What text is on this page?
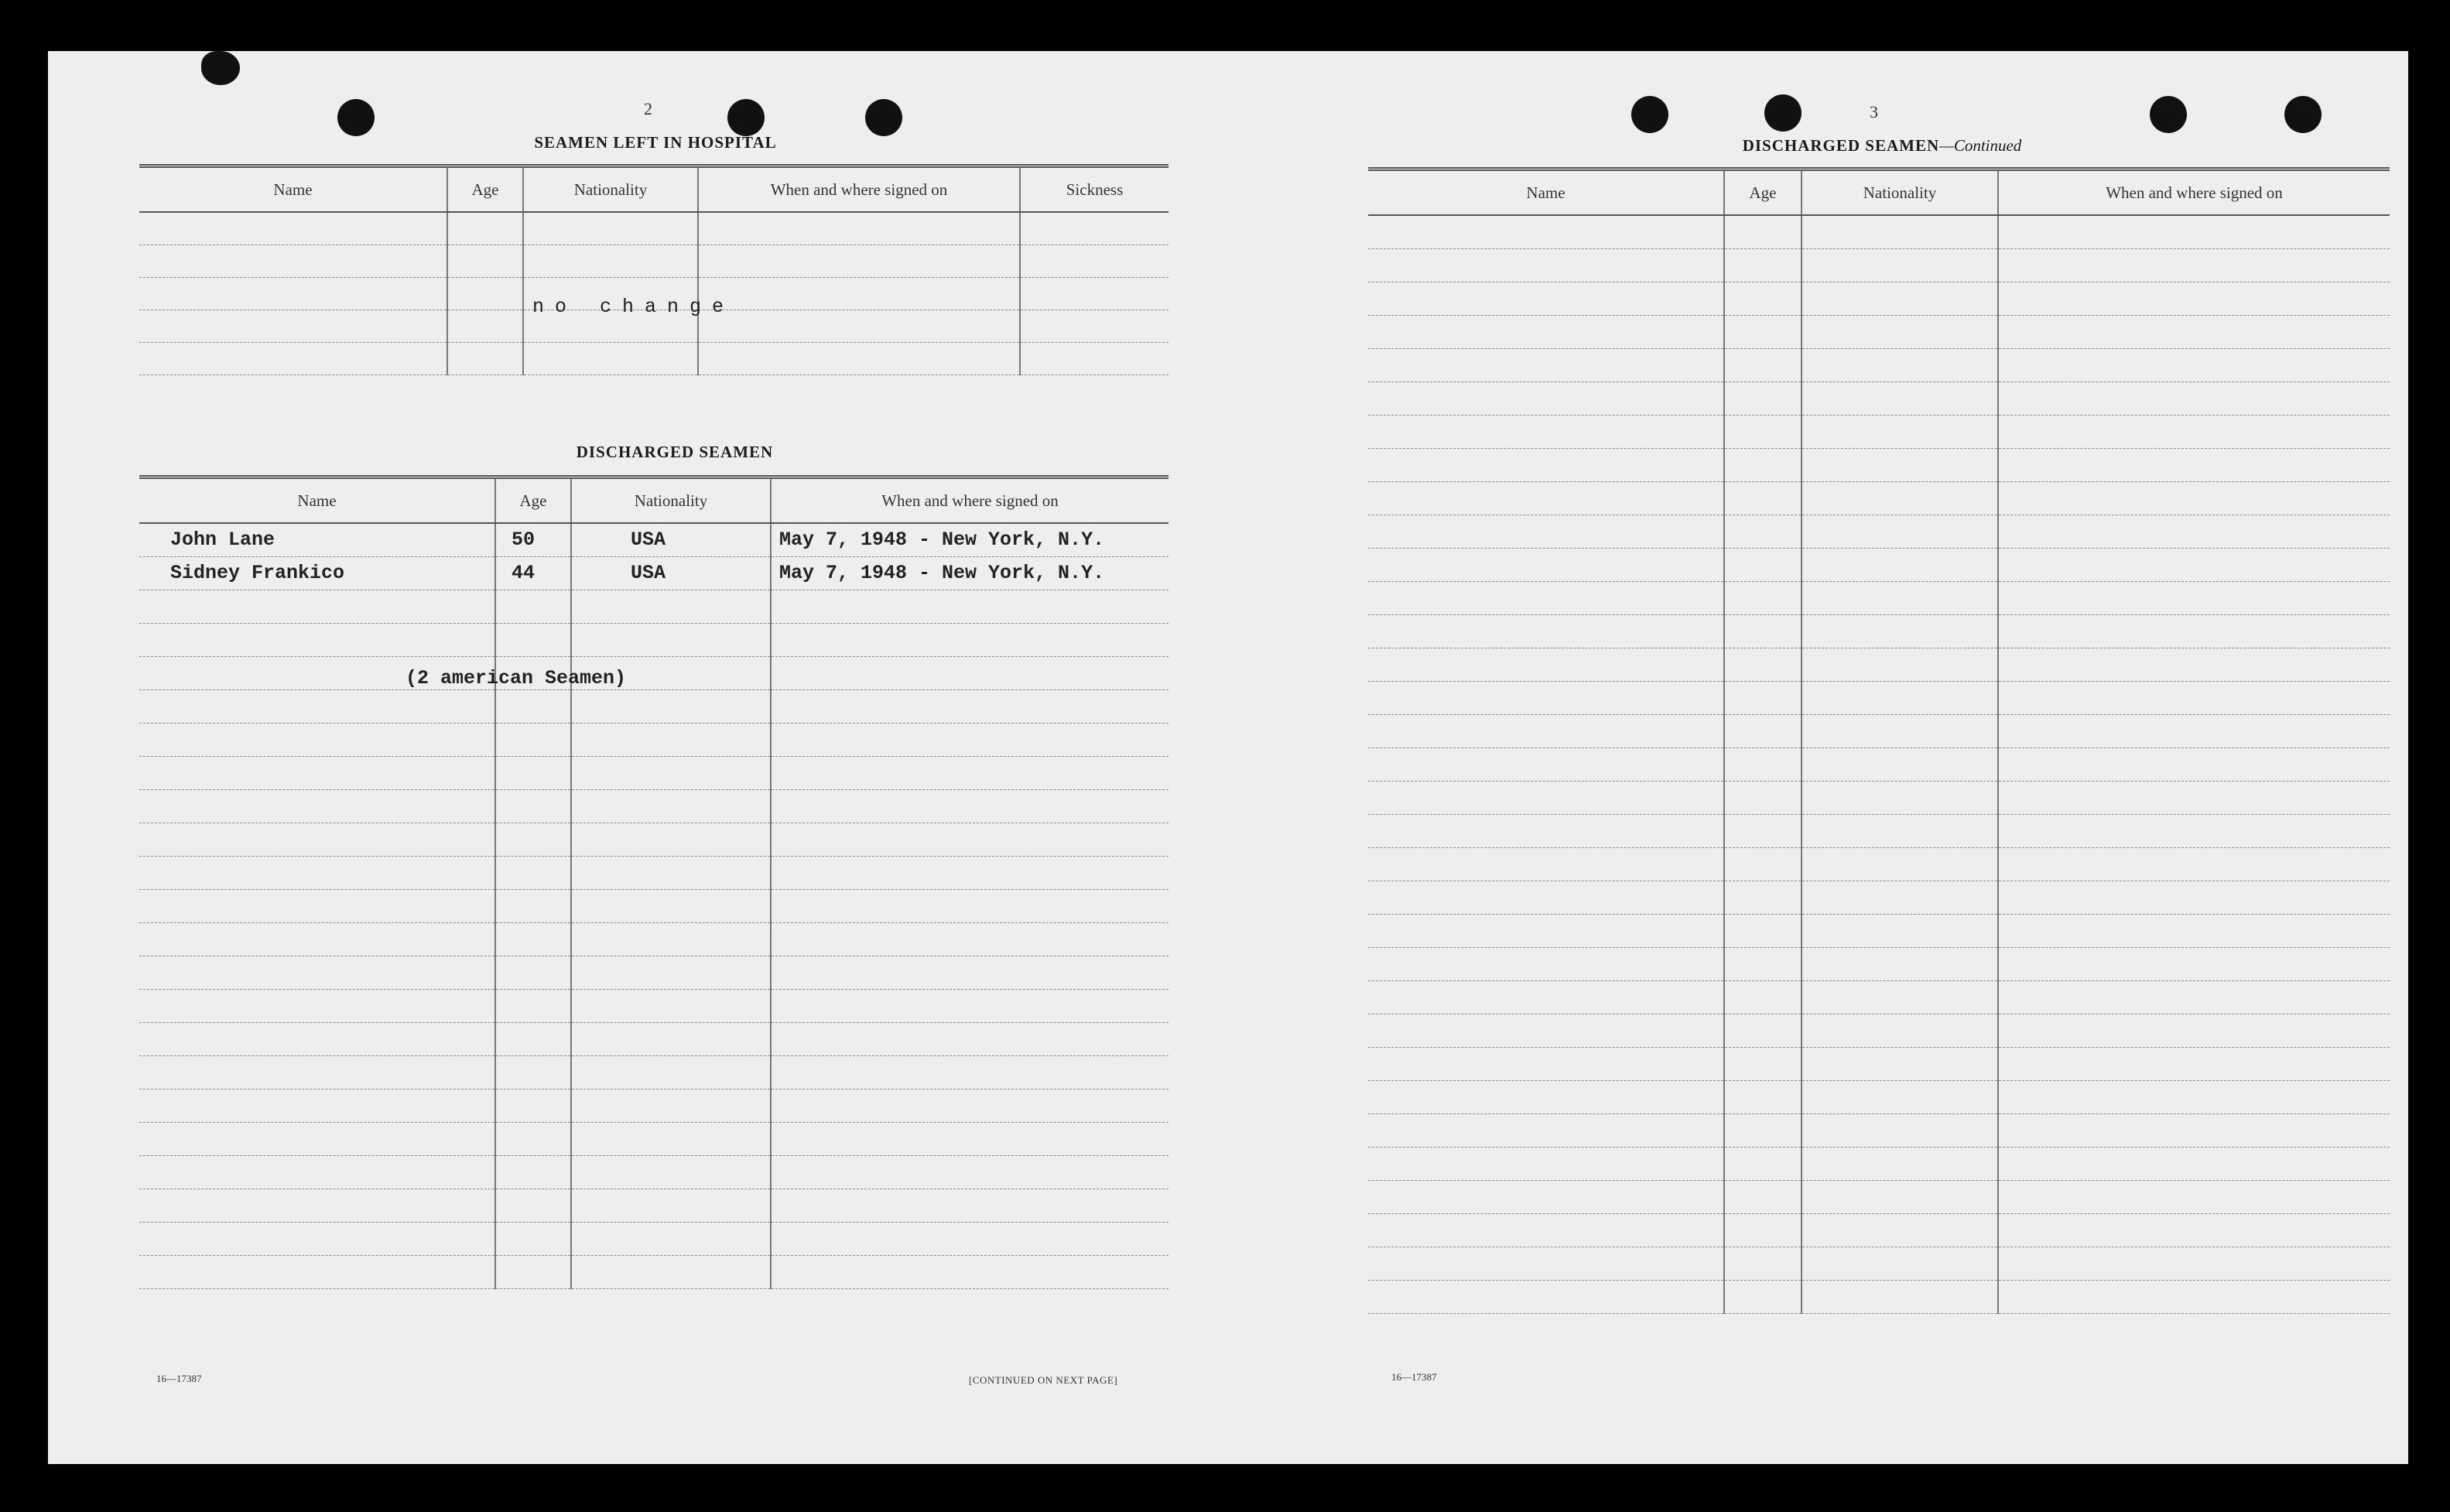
2
SEAMEN LEFT IN HOSPITAL
Name	Age	Nationality	When and where signed on	Sickness

no change
DISCHARGED SEAMEN
Name	Age	Nationality	When and where signed on
John Lane	50	USA	May 7, 1948 - New York, N.Y.
Sidney Frankico	44	USA	May 7, 1948 - New York, N.Y.

(2 american Seamen)
16—17387	[CONTINUED ON NEXT PAGE]
3
DISCHARGED SEAMEN—Continued
Name	Age	Nationality	When and where signed on

16—17387
